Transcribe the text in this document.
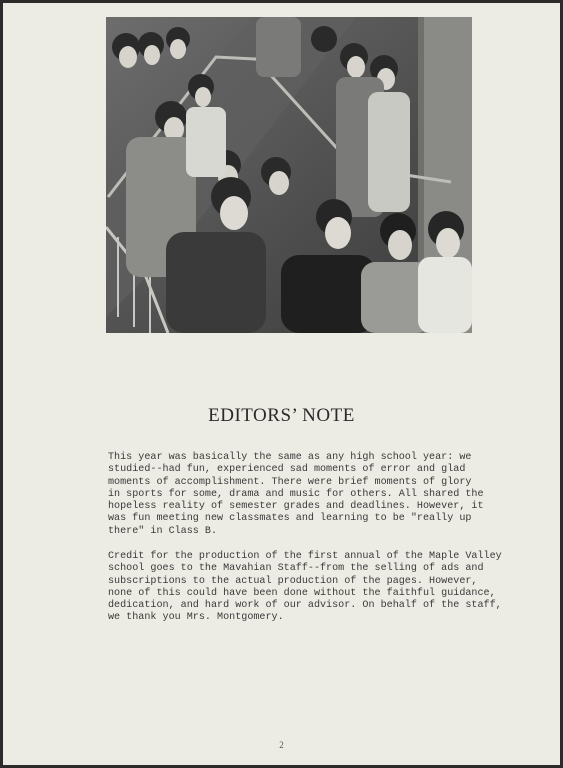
EDITORS’ NOTE
This year was basically the same as any high school year: we
studied--had fun, experienced sad moments of error and glad
moments of accomplishment. There were brief moments of glory
in sports for some, drama and music for others. All shared the
hopeless reality of semester grades and deadlines. However, it
was fun meeting new classmates and learning to be "really up
there" in Class B.
Credit for the production of the first annual of the Maple Valley
school goes to the Mavahian Staff--from the selling of ads and
subscriptions to the actual production of the pages. However,
none of this could have been done without the faithful guidance,
dedication, and hard work of our advisor. On behalf of the staff,
we thank you Mrs. Montgomery.
2
